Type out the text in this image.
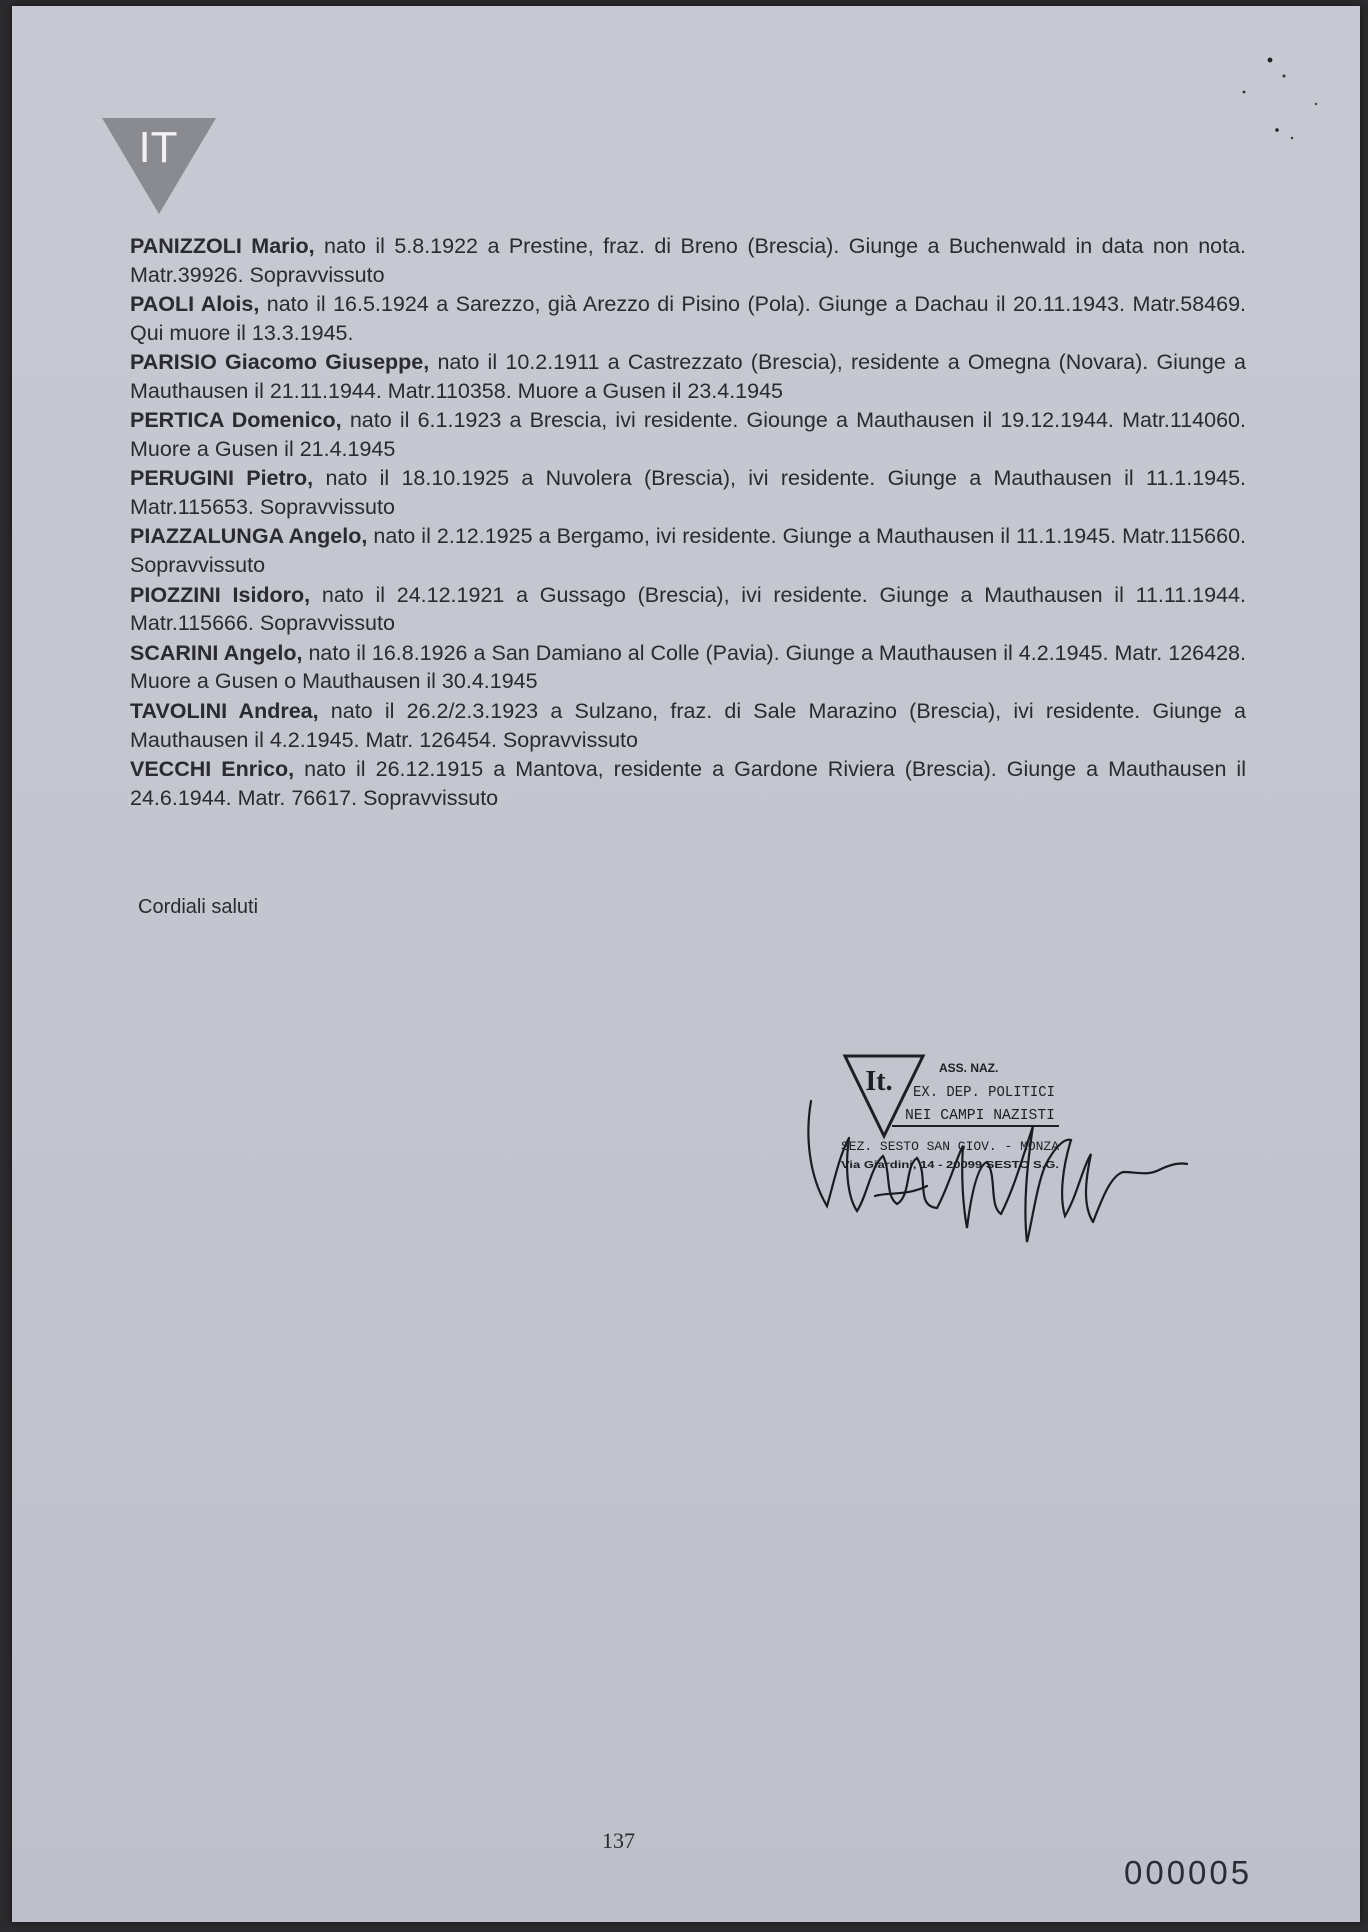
IT

PANIZZOLI Mario, nato il 5.8.1922 a Prestine, fraz. di Breno (Brescia). Giunge a Buchenwald in data non nota. Matr.39926. Sopravvissuto

PAOLI Alois, nato il 16.5.1924 a Sarezzo, già Arezzo di Pisino (Pola). Giunge a Dachau il 20.11.1943. Matr.58469. Qui muore il 13.3.1945.

PARISIO Giacomo Giuseppe, nato il 10.2.1911 a Castrezzato (Brescia), residente a Omegna (Novara). Giunge a Mauthausen il 21.11.1944. Matr.110358. Muore a Gusen il 23.4.1945

PERTICA Domenico, nato il 6.1.1923 a Brescia, ivi residente. Giounge a Mauthausen il 19.12.1944. Matr.114060. Muore a Gusen il 21.4.1945

PERUGINI Pietro, nato il 18.10.1925 a Nuvolera (Brescia), ivi residente. Giunge a Mauthausen il 11.1.1945. Matr.115653. Sopravvissuto

PIAZZALUNGA Angelo, nato il 2.12.1925 a Bergamo, ivi residente. Giunge a Mauthausen il 11.1.1945. Matr.115660. Sopravvissuto

PIOZZINI Isidoro, nato il 24.12.1921 a Gussago (Brescia), ivi residente. Giunge a Mauthausen il 11.11.1944. Matr.115666. Sopravvissuto

SCARINI Angelo, nato il 16.8.1926 a San Damiano al Colle (Pavia). Giunge a Mauthausen il 4.2.1945. Matr. 126428. Muore a Gusen o Mauthausen il 30.4.1945

TAVOLINI Andrea, nato il 26.2/2.3.1923 a Sulzano, fraz. di Sale Marazino (Brescia), ivi residente. Giunge a Mauthausen il 4.2.1945. Matr. 126454. Sopravvissuto

VECCHI Enrico, nato il 26.12.1915 a Mantova, residente a Gardone Riviera (Brescia). Giunge a Mauthausen il 24.6.1944. Matr. 76617. Sopravvissuto

Cordiali saluti
It.	ASS. NAZ.
EX. DEP. POLITICI
NEI CAMPI NAZISTI
SEZ. SESTO SAN GIOV. - MONZA
Via Giardini, 14 - 20099 SESTO S.G.
137
000005
